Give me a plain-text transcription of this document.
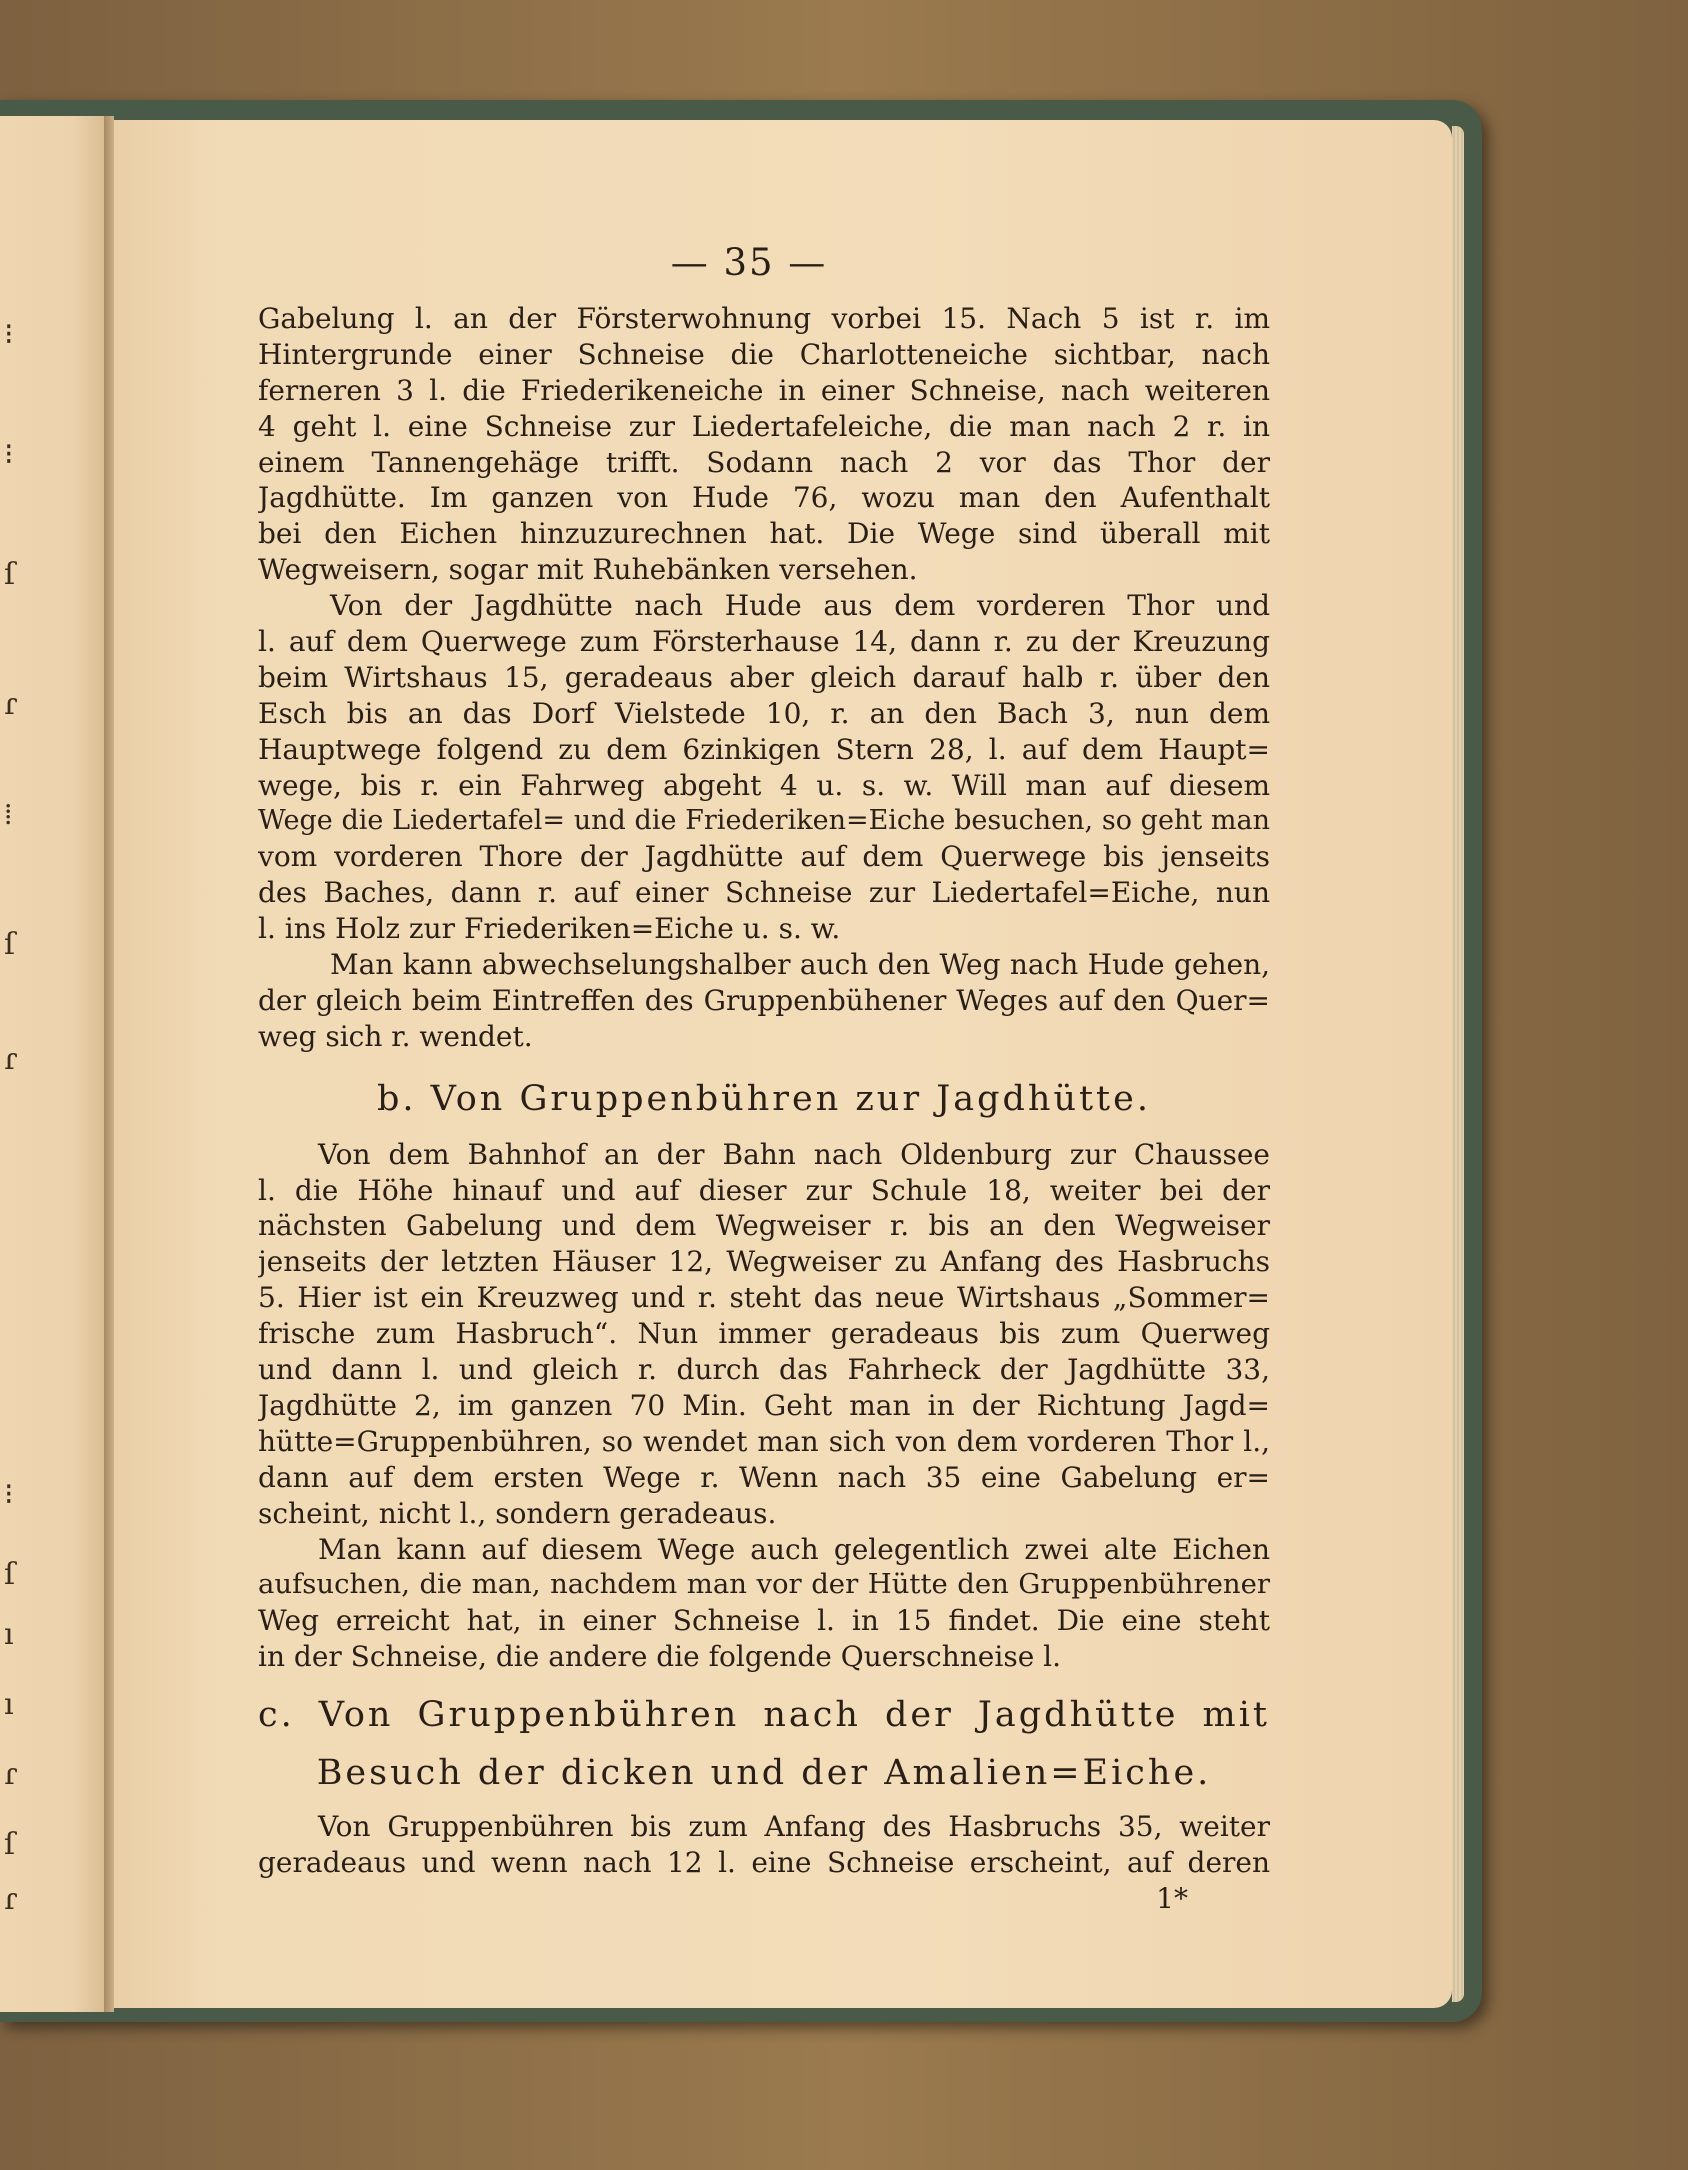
⁝
⁝
ſ
ɾ
⁞
ſ
ɾ
⁝
ſ
ı
ı
ɾ
ſ
ɾ
— 35 —
Gabelung l. an der Försterwohnung vorbei 15. Nach 5 ist r. im
Hintergrunde einer Schneise die Charlotteneiche sichtbar, nach
ferneren 3 l. die Friederikeneiche in einer Schneise, nach weiteren
4 geht l. eine Schneise zur Liedertafeleiche, die man nach 2 r. in
einem Tannengehäge trifft. Sodann nach 2 vor das Thor der
Jagdhütte. Im ganzen von Hude 76, wozu man den Aufenthalt
bei den Eichen hinzuzurechnen hat. Die Wege sind überall mit
Wegweisern, sogar mit Ruhebänken versehen.
Von der Jagdhütte nach Hude aus dem vorderen Thor und
l. auf dem Querwege zum Försterhause 14, dann r. zu der Kreuzung
beim Wirtshaus 15, geradeaus aber gleich darauf halb r. über den
Esch bis an das Dorf Vielstede 10, r. an den Bach 3, nun dem
Hauptwege folgend zu dem 6zinkigen Stern 28, l. auf dem Haupt=
wege, bis r. ein Fahrweg abgeht 4 u. s. w. Will man auf diesem
Wege die Liedertafel= und die Friederiken=Eiche besuchen, so geht man
vom vorderen Thore der Jagdhütte auf dem Querwege bis jenseits
des Baches, dann r. auf einer Schneise zur Liedertafel=Eiche, nun
l. ins Holz zur Friederiken=Eiche u. s. w.
Man kann abwechselungshalber auch den Weg nach Hude gehen,
der gleich beim Eintreffen des Gruppenbühener Weges auf den Quer=
weg sich r. wendet.
b. Von Gruppenbühren zur Jagdhütte.
Von dem Bahnhof an der Bahn nach Oldenburg zur Chaussee
l. die Höhe hinauf und auf dieser zur Schule 18, weiter bei der
nächsten Gabelung und dem Wegweiser r. bis an den Wegweiser
jenseits der letzten Häuser 12, Wegweiser zu Anfang des Hasbruchs
5. Hier ist ein Kreuzweg und r. steht das neue Wirtshaus „Sommer=
frische zum Hasbruch“. Nun immer geradeaus bis zum Querweg
und dann l. und gleich r. durch das Fahrheck der Jagdhütte 33,
Jagdhütte 2, im ganzen 70 Min. Geht man in der Richtung Jagd=
hütte=Gruppenbühren, so wendet man sich von dem vorderen Thor l.,
dann auf dem ersten Wege r. Wenn nach 35 eine Gabelung er=
scheint, nicht l., sondern geradeaus.
Man kann auf diesem Wege auch gelegentlich zwei alte Eichen
aufsuchen, die man, nachdem man vor der Hütte den Gruppenbührener
Weg erreicht hat, in einer Schneise l. in 15 findet. Die eine steht
in der Schneise, die andere die folgende Querschneise l.
c. Von Gruppenbühren nach der Jagdhütte mit
Besuch der dicken und der Amalien=Eiche.
Von Gruppenbühren bis zum Anfang des Hasbruchs 35, weiter
geradeaus und wenn nach 12 l. eine Schneise erscheint, auf deren
1*
